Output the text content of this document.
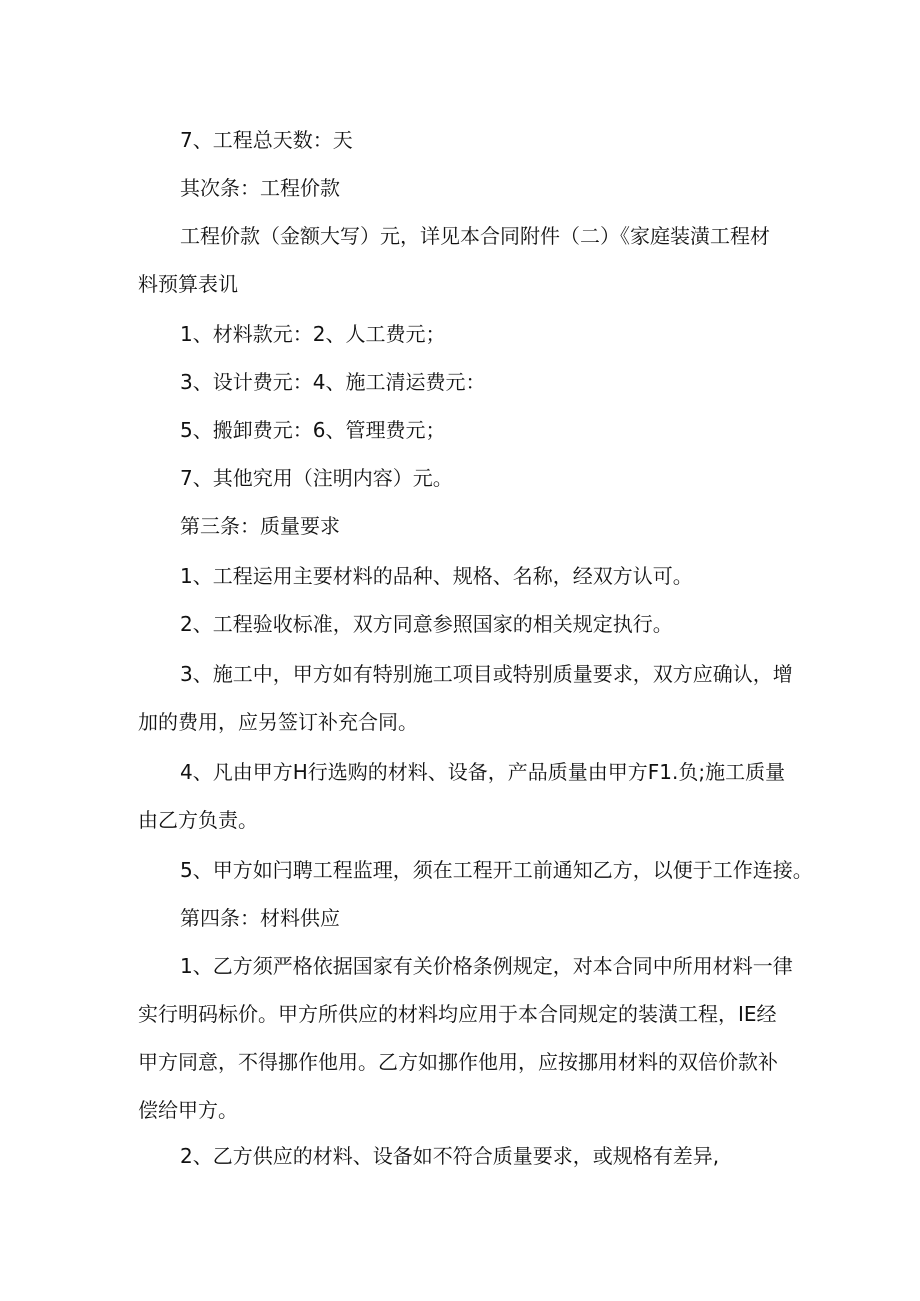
7、工程总天数：天

其次条：工程价款

工程价款（金额大写）元，详见本合同附件（二）《家庭装潢工程材
料预算表讥

1、材料款元：2、人工费元；

3、设计费元：4、施工清运费元：

5、搬卸费元：6、管理费元；

7、其他究用（注明内容）元。

第三条：质量要求

1、工程运用主要材料的品种、规格、名称，经双方认可。

2、工程验收标准，双方同意参照国家的相关规定执行。

3、施工中，甲方如有特别施工项目或特别质量要求，双方应确认，增
加的费用，应另签订补充合同。

4、凡由甲方H行选购的材料、设备，产品质量由甲方F1.负;施工质量
由乙方负责。

5、甲方如闩聘工程监理，须在工程开工前通知乙方，以便于工作连接。

第四条：材料供应

1、乙方须严格依据国家有关价格条例规定，对本合同中所用材料一律
实行明码标价。甲方所供应的材料均应用于本合同规定的装潢工程，IE经
甲方同意，不得挪作他用。乙方如挪作他用，应按挪用材料的双倍价款补
偿给甲方。

2、乙方供应的材料、设备如不符合质量要求，或规格有差异,
